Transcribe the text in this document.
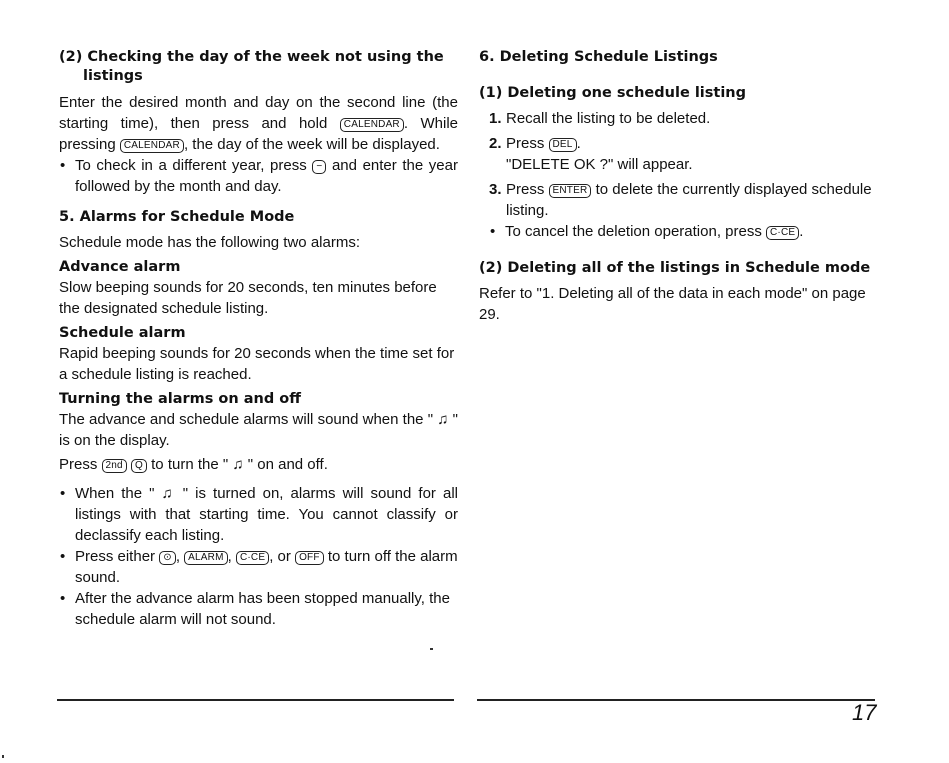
(2) Checking the day of the week not using the
listings

Enter the desired month and day on the second line (the starting time), then press and hold CALENDAR . While pressing CALENDAR , the day of the week will be displayed.

• To check in a different year, press − and enter the year followed by the month and day.
5. Alarms for Schedule Mode

Schedule mode has the following two alarms:

Advance alarm

Slow beeping sounds for 20 seconds, ten minutes before the designated schedule listing.

Schedule alarm

Rapid beeping sounds for 20 seconds when the time set for a schedule listing is reached.

Turning the alarms on and off

The advance and schedule alarms will sound when the " ♫ " is on the display.

Press 2nd Q to turn the " ♫ " on and off.

• When the " ♫ " is turned on, alarms will sound for all listings with that starting time. You cannot classify or declassify each listing.
• Press either ⊙ , ALARM , C·CE , or OFF to turn off the alarm sound.
• After the advance alarm has been stopped manually, the schedule alarm will not sound.
6. Deleting Schedule Listings
(1) Deleting one schedule listing
1. Recall the listing to be deleted.
2. Press DEL .
"DELETE OK ?" will appear.
3. Press ENTER to delete the currently displayed schedule listing.
• To cancel the deletion operation, press C·CE .
(2) Deleting all of the listings in Schedule mode

Refer to "1. Deleting all of the data in each mode" on page 29.

17
